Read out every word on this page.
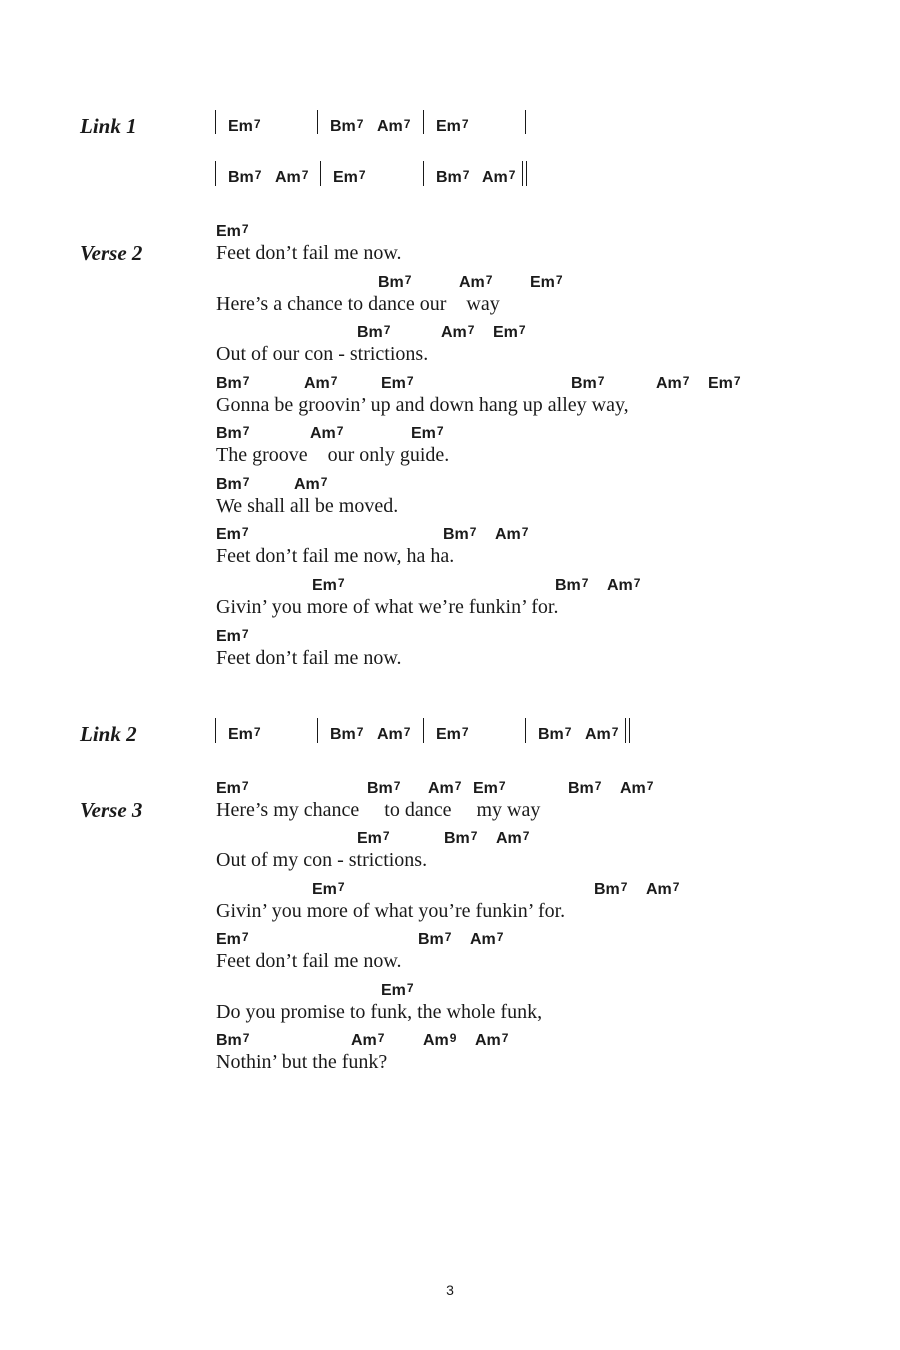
Link 1	Em$^7$	Bm$^7$ Am$^7$ Em$^7$
Bm$^7$ Am$^7$ Em$^7$	Bm$^7$ Am$^7$
Verse 2
Em$^7$
Feet don’t fail me now.
Bm$^7$	Am$^7$ Em$^7$
Here’s a chance to dance our    way
Bm$^7$	Am$^7$ Em$^7$
Out of our con - strictions.
Bm$^7$	Am$^7$	Em$^7$	Bm$^7$	Am$^7$ Em$^7$
Gonna be groovin’ up and down hang up alley way,
Bm$^7$	Am$^7$	Em$^7$
The groove    our only guide.
Bm$^7$	Am$^7$
We shall all be moved.
Em$^7$	Bm$^7$ Am$^7$
Feet don’t fail me now, ha ha.
Em$^7$	Bm$^7$ Am$^7$
Givin’ you more of what we’re funkin’ for.
Em$^7$
Feet don’t fail me now.
Link 2	Em$^7$	Bm$^7$ Am$^7$ Em$^7$	Bm$^7$ Am$^7$
Verse 3
Em$^7$	Bm$^7$ Am$^7$ Em$^7$	Bm$^7$ Am$^7$
Here’s my chance     to dance     my way
Em$^7$	Bm$^7$ Am$^7$
Out of my con - strictions.
Em$^7$	Bm$^7$ Am$^7$
Givin’ you more of what you’re funkin’ for.
Em$^7$	Bm$^7$ Am$^7$
Feet don’t fail me now.
Em$^7$
Do you promise to funk, the whole funk,
Bm$^7$	Am$^7$ Am$^9$ Am$^7$
Nothin’ but the funk?
3
